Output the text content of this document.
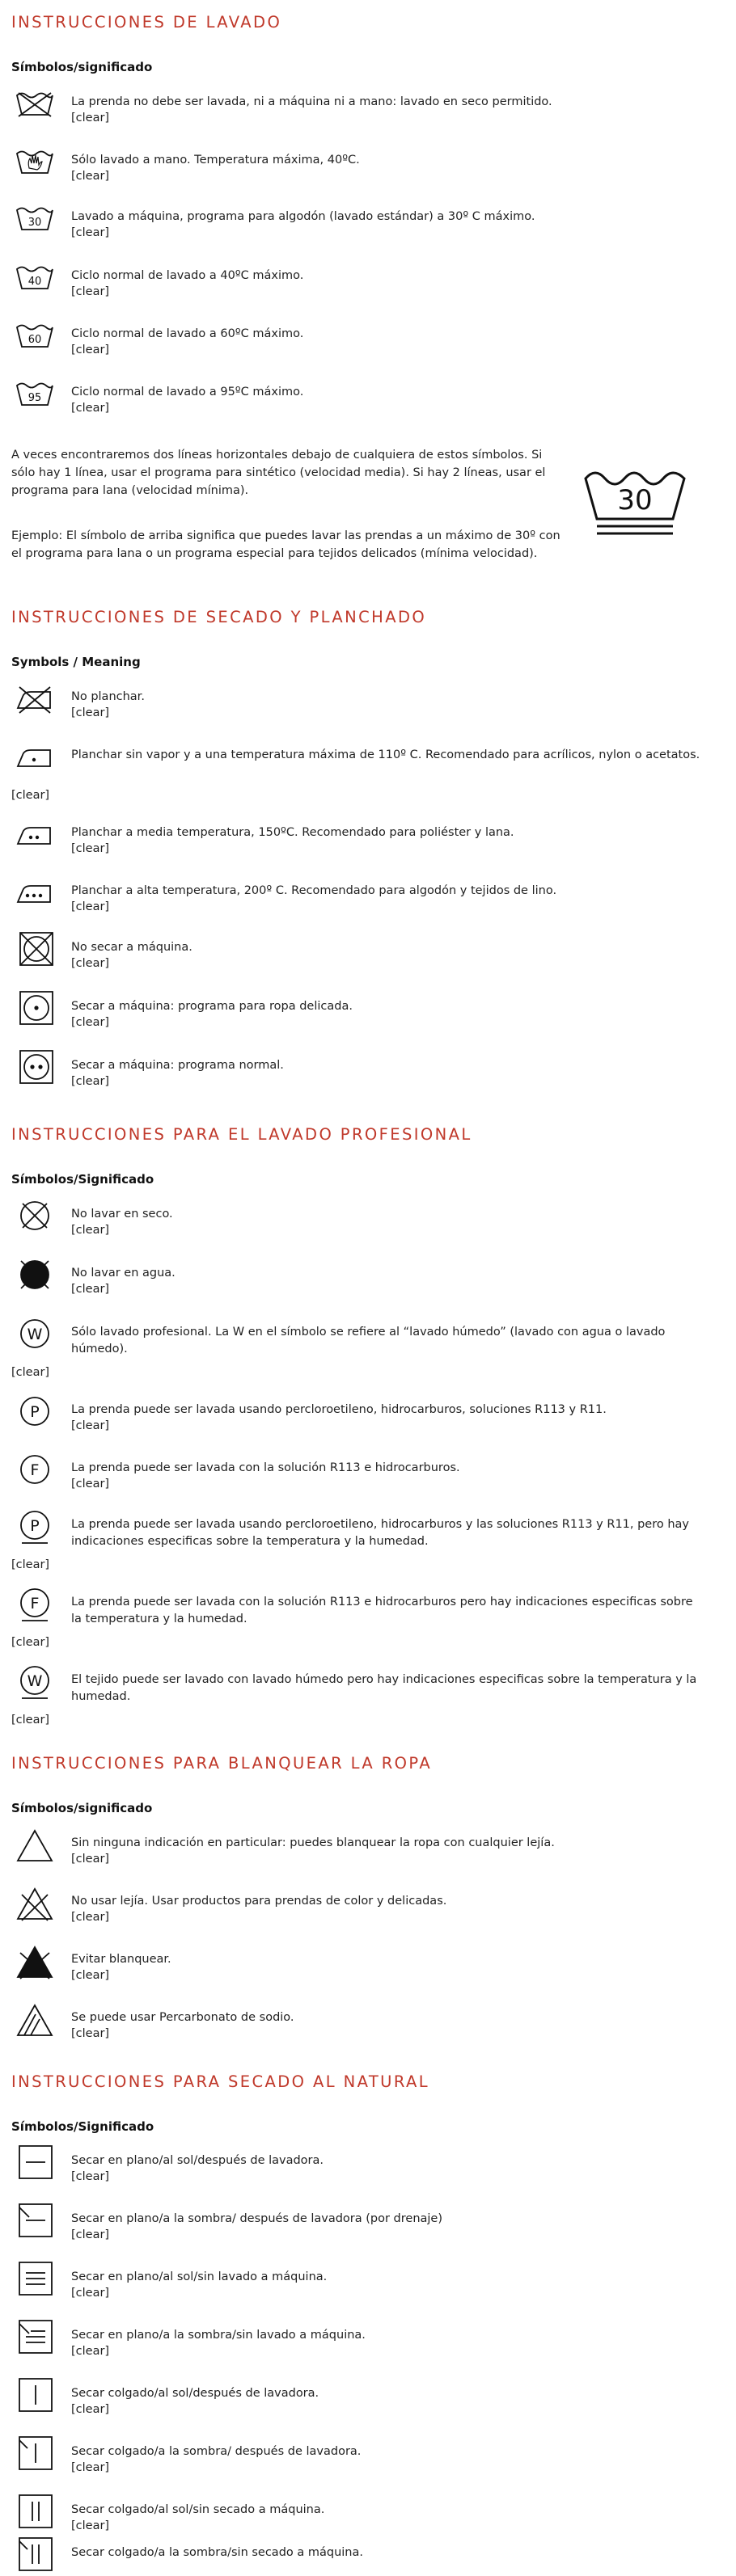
INSTRUCCIONES DE LAVADO
Símbolos/significado
La prenda no debe ser lavada, ni a máquina ni a mano: lavado en seco permitido.
[clear]
Sólo lavado a mano. Temperatura máxima, 40ºC.
[clear]
30	Lavado a máquina, programa para algodón (lavado estándar) a 30º C máximo.
[clear]
40	Ciclo normal de lavado a 40ºC máximo.
[clear]
60	Ciclo normal de lavado a 60ºC máximo.
[clear]
95	Ciclo normal de lavado a 95ºC máximo.
[clear]

A veces encontraremos dos líneas horizontales debajo de cualquiera de estos símbolos. Si sólo hay 1 línea, usar el programa para sintético (velocidad media). Si hay 2 líneas, usar el programa para lana (velocidad mínima).

Ejemplo: El símbolo de arriba significa que puedes lavar las prendas a un máximo de 30º con el programa para lana o un programa especial para tejidos delicados (mínima velocidad).

30
INSTRUCCIONES DE SECADO Y PLANCHADO
Symbols / Meaning
No planchar.
[clear]
Planchar sin vapor y a una temperatura máxima de 110º C. Recomendado para acrílicos, nylon o acetatos.
[clear]
Planchar a media temperatura, 150ºC. Recomendado para poliéster y lana.
[clear]
Planchar a alta temperatura, 200º C. Recomendado para algodón y tejidos de lino.
[clear]
No secar a máquina.
[clear]
Secar a máquina: programa para ropa delicada.
[clear]
Secar a máquina: programa normal.
[clear]
INSTRUCCIONES PARA EL LAVADO PROFESIONAL
Símbolos/Significado
No lavar en seco.
[clear]
No lavar en agua.
[clear]
W Sólo lavado profesional. La W en el símbolo se refiere al “lavado húmedo” (lavado con agua o lavado húmedo).
[clear]
P	La prenda puede ser lavada usando percloroetileno, hidrocarburos, soluciones R113 y R11.
[clear]
F	La prenda puede ser lavada con la solución R113 e hidrocarburos.
[clear]
P	La prenda puede ser lavada usando percloroetileno, hidrocarburos y las soluciones R113 y R11, pero hay indicaciones especificas sobre la temperatura y la humedad.
[clear]
F	La prenda puede ser lavada con la solución R113 e hidrocarburos pero hay indicaciones especificas sobre la temperatura y la humedad.
[clear]
W El tejido puede ser lavado con lavado húmedo pero hay indicaciones especificas sobre la temperatura y la humedad.
[clear]
INSTRUCCIONES PARA BLANQUEAR LA ROPA
Símbolos/significado
Sin ninguna indicación en particular: puedes blanquear la ropa con cualquier lejía.
[clear]
No usar lejía. Usar productos para prendas de color y delicadas.
[clear]
Evitar blanquear.
[clear]
Se puede usar Percarbonato de sodio.
[clear]
INSTRUCCIONES PARA SECADO AL NATURAL
Símbolos/Significado
Secar en plano/al sol/después de lavadora.
[clear]
Secar en plano/a la sombra/ después de lavadora (por drenaje)
[clear]
Secar en plano/al sol/sin lavado a máquina.
[clear]
Secar en plano/a la sombra/sin lavado a máquina.
[clear]
Secar colgado/al sol/después de lavadora.
[clear]
Secar colgado/a la sombra/ después de lavadora.
[clear]
Secar colgado/al sol/sin secado a máquina.
[clear]
Secar colgado/a la sombra/sin secado a máquina.
